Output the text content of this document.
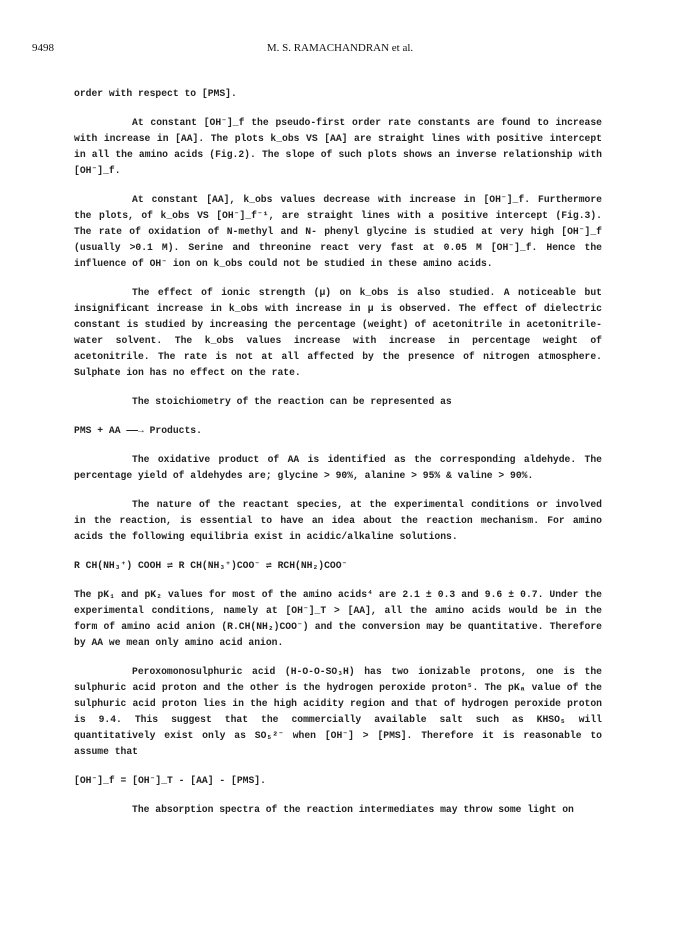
9498	M. S. RAMACHANDRAN et al.

order with respect to [PMS].

At constant [OH⁻]_f the pseudo-first order rate constants are found to increase with increase in [AA]. The plots k_obs VS [AA] are straight lines with positive intercept in all the amino acids (Fig.2). The slope of such plots shows an inverse relationship with [OH⁻]_f.

At constant [AA], k_obs values decrease with increase in [OH⁻]_f. Furthermore the plots, of k_obs VS [OH⁻]_f⁻¹, are straight lines with a positive intercept (Fig.3). The rate of oxidation of N-methyl and N- phenyl glycine is studied at very high [OH⁻]_f (usually >0.1 M). Serine and threonine react very fast at 0.05 M [OH⁻]_f. Hence the influence of OH⁻ ion on k_obs could not be studied in these amino acids.

The effect of ionic strength (μ) on k_obs is also studied. A noticeable but insignificant increase in k_obs with increase in μ is observed. The effect of dielectric constant is studied by increasing the percentage (weight) of acetonitrile in acetonitrile-water solvent. The k_obs values increase with increase in percentage weight of acetonitrile. The rate is not at all affected by the presence of nitrogen atmosphere. Sulphate ion has no effect on the rate.

The stoichiometry of the reaction can be represented as

PMS + AA ——→ Products.

The oxidative product of AA is identified as the corresponding aldehyde. The percentage yield of aldehydes are; glycine > 90%, alanine > 95% & valine > 90%.

The nature of the reactant species, at the experimental conditions or involved in the reaction, is essential to have an idea about the reaction mechanism. For amino acids the following equilibria exist in acidic/alkaline solutions.

R CH(NH₃⁺) COOH ⇌ R CH(NH₃⁺)COO⁻ ⇌ RCH(NH₂)COO⁻

The pK₁ and pK₂ values for most of the amino acids⁴ are 2.1 ± 0.3 and 9.6 ± 0.7. Under the experimental conditions, namely at [OH⁻]_T > [AA], all the amino acids would be in the form of amino acid anion (R.CH(NH₂)COO⁻) and the conversion may be quantitative. Therefore by AA we mean only amino acid anion.

Peroxomonosulphuric acid (H-O-O-SO₃H) has two ionizable protons, one is the sulphuric acid proton and the other is the hydrogen peroxide proton⁵. The pKₐ value of the sulphuric acid proton lies in the high acidity region and that of hydrogen peroxide proton is 9.4. This suggest that the commercially available salt such as KHSO₅ will quantitatively exist only as SO₅²⁻ when [OH⁻] > [PMS]. Therefore it is reasonable to assume that

[OH⁻]_f = [OH⁻]_T - [AA] - [PMS].

The absorption spectra of the reaction intermediates may throw some light on
